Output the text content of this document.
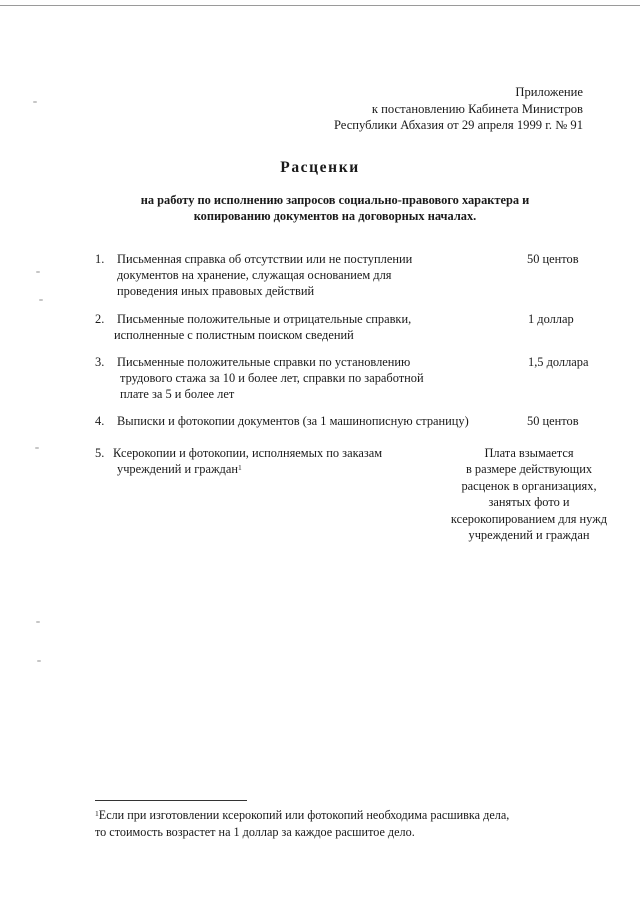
Приложение
к постановлению Кабинета Министров
Республики Абхазия от 29 апреля 1999 г. № 91
Расценки
на работу по исполнению запросов социально-правового характера и
копированию документов на договорных началах.
1. Письменная справка об отсутствии или не поступлении
документов на хранение, служащая основанием для
проведения иных правовых действий
50 центов
2. Письменные положительные и отрицательные справки,
исполненные с полистным поиском сведений
1 доллар
3. Письменные положительные справки по установлению
трудового стажа за 10 и более лет, справки по заработной
плате за 5 и более лет
1,5 доллара
4. Выписки и фотокопии документов (за 1 машинописную страницу)	50 центов
5. Ксерокопии и фотокопии, исполняемых по заказам
учреждений и граждан$^1$
Плата взымается
в размере действующих
расценок в организациях,
занятых фото и
ксерокопированием для нужд
учреждений и граждан
$^1$Если при изготовлении ксерокопий или фотокопий необходима расшивка дела,
то стоимость возрастет на 1 доллар за каждое расшитое дело.
